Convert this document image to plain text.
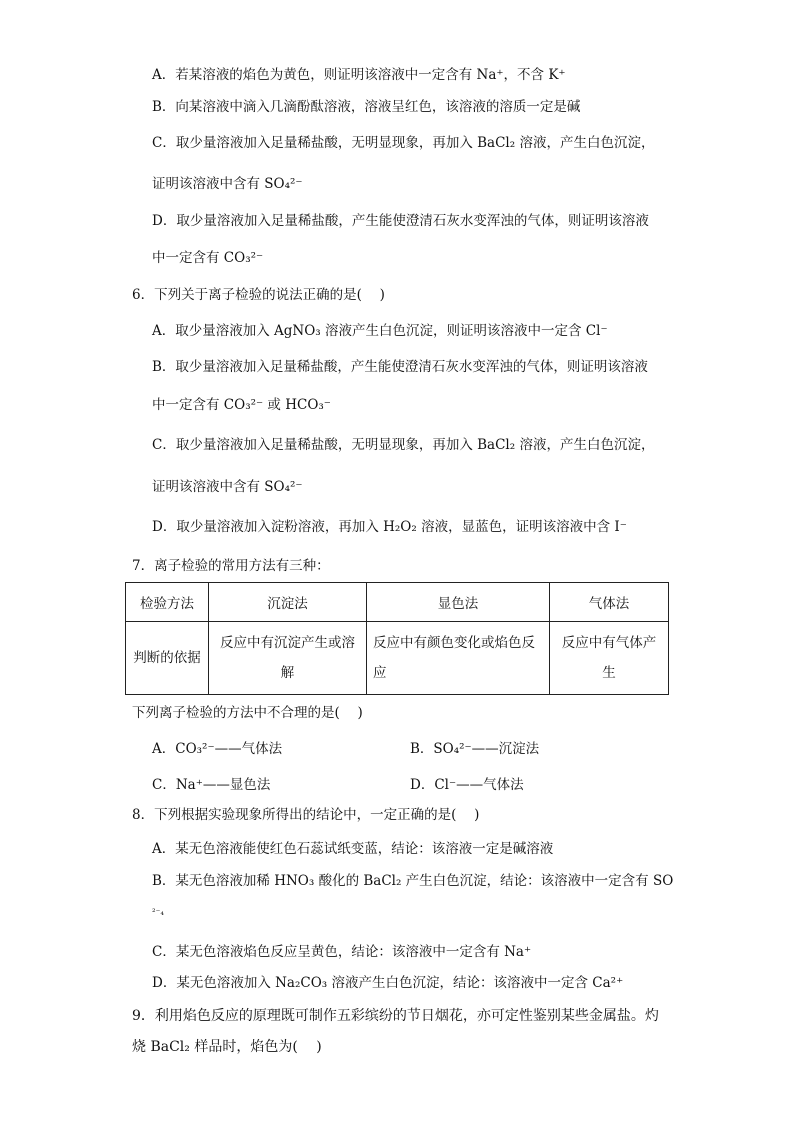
A．若某溶液的焰色为黄色，则证明该溶液中一定含有 Na⁺，不含 K⁺
B．向某溶液中滴入几滴酚酞溶液，溶液呈红色，该溶液的溶质一定是碱
C．取少量溶液加入足量稀盐酸，无明显现象，再加入 BaCl₂ 溶液，产生白色沉淀，
证明该溶液中含有 SO₄²⁻
D．取少量溶液加入足量稀盐酸，产生能使澄清石灰水变浑浊的气体，则证明该溶液
中一定含有 CO₃²⁻
6．下列关于离子检验的说法正确的是(　 )
A．取少量溶液加入 AgNO₃ 溶液产生白色沉淀，则证明该溶液中一定含 Cl⁻
B．取少量溶液加入足量稀盐酸，产生能使澄清石灰水变浑浊的气体，则证明该溶液
中一定含有 CO₃²⁻ 或 HCO₃⁻
C．取少量溶液加入足量稀盐酸，无明显现象，再加入 BaCl₂ 溶液，产生白色沉淀，
证明该溶液中含有 SO₄²⁻
D．取少量溶液加入淀粉溶液，再加入 H₂O₂ 溶液，显蓝色，证明该溶液中含 I⁻
7．离子检验的常用方法有三种：
检验方法	沉淀法	显色法	气体法
判断的依据	反应中有沉淀产生或溶解	反应中有颜色变化或焰色反应	反应中有气体产生
下列离子检验的方法中不合理的是(　 )
A．CO₃²⁻——气体法	B．SO₄²⁻——沉淀法
C．Na⁺——显色法	D．Cl⁻——气体法
8．下列根据实验现象所得出的结论中，一定正确的是(　 )
A．某无色溶液能使红色石蕊试纸变蓝，结论：该溶液一定是碱溶液
B．某无色溶液加稀 HNO₃ 酸化的 BaCl₂ 产生白色沉淀，结论：该溶液中一定含有 SO
²⁻₄
C．某无色溶液焰色反应呈黄色，结论：该溶液中一定含有 Na⁺
D．某无色溶液加入 Na₂CO₃ 溶液产生白色沉淀，结论：该溶液中一定含 Ca²⁺
9．利用焰色反应的原理既可制作五彩缤纷的节日烟花，亦可定性鉴别某些金属盐。灼
烧 BaCl₂ 样品时，焰色为(　 )
